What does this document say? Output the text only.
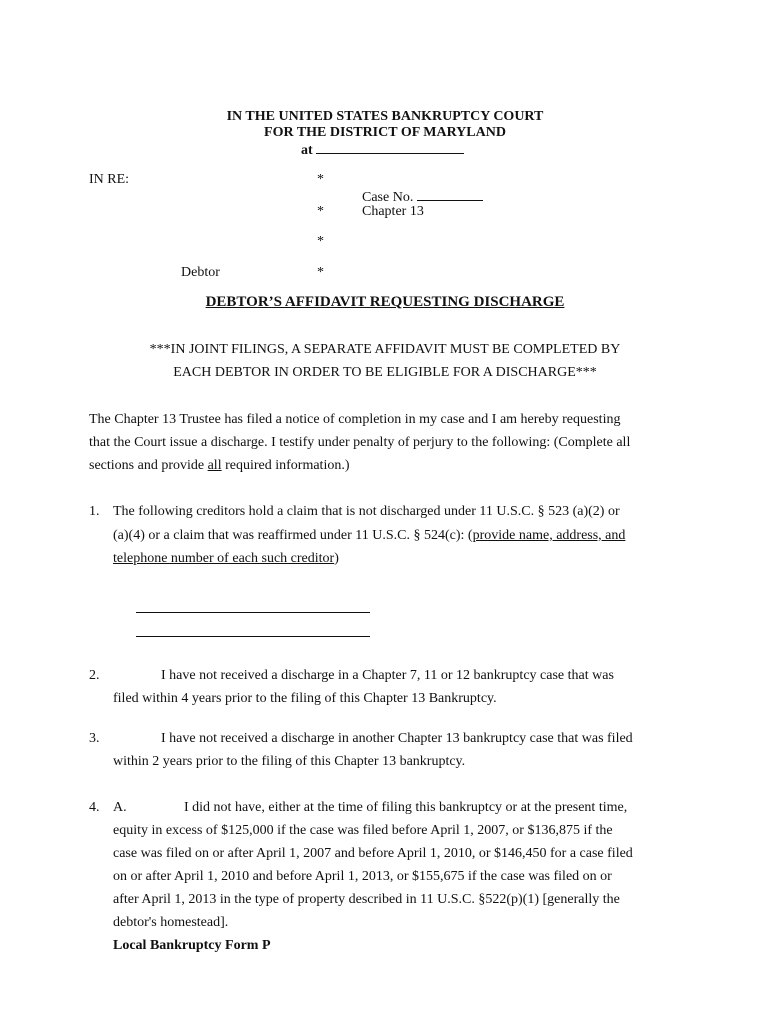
IN THE UNITED STATES BANKRUPTCY COURT
FOR THE DISTRICT OF MARYLAND
at
IN RE:	*
Case No.
*	Chapter 13
*
Debtor	*
DEBTOR’S AFFIDAVIT REQUESTING DISCHARGE
***IN JOINT FILINGS, A SEPARATE AFFIDAVIT MUST BE COMPLETED BY
EACH DEBTOR IN ORDER TO BE ELIGIBLE FOR A DISCHARGE***
The Chapter 13 Trustee has filed a notice of completion in my case and I am hereby requesting
that the Court issue a discharge. I testify under penalty of perjury to the following: (Complete all
sections and provide all required information.)
1. The following creditors hold a claim that is not discharged under 11 U.S.C. § 523 (a)(2) or
(a)(4) or a claim that was reaffirmed under 11 U.S.C. § 524(c): (provide name, address, and
telephone number of each such creditor)
2.	I have not received a discharge in a Chapter 7, 11 or 12 bankruptcy case that was
filed within 4 years prior to the filing of this Chapter 13 Bankruptcy.
3.	I have not received a discharge in another Chapter 13 bankruptcy case that was filed
within 2 years prior to the filing of this Chapter 13 bankruptcy.
4. A.	I did not have, either at the time of filing this bankruptcy or at the present time,
equity in excess of $125,000 if the case was filed before April 1, 2007, or $136,875 if the
case was filed on or after April 1, 2007 and before April 1, 2010, or $146,450 for a case filed
on or after April 1, 2010 and before April 1, 2013, or $155,675 if the case was filed on or
after April 1, 2013 in the type of property described in 11 U.S.C. §522(p)(1) [generally the
debtor's homestead].
Local Bankruptcy Form P
